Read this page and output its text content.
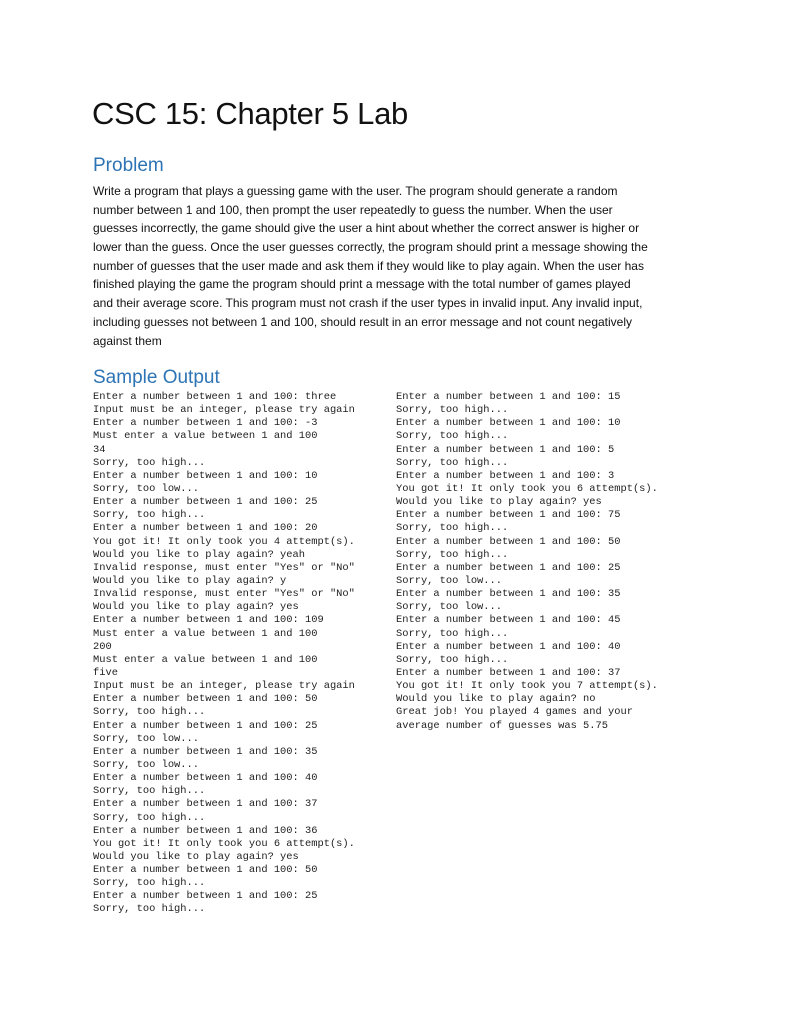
CSC 15: Chapter 5 Lab
Problem
Write a program that plays a guessing game with the user. The program should generate a random
number between 1 and 100, then prompt the user repeatedly to guess the number. When the user
guesses incorrectly, the game should give the user a hint about whether the correct answer is higher or
lower than the guess. Once the user guesses correctly, the program should print a message showing the
number of guesses that the user made and ask them if they would like to play again. When the user has
finished playing the game the program should print a message with the total number of games played
and their average score. This program must not crash if the user types in invalid input. Any invalid input,
including guesses not between 1 and 100, should result in an error message and not count negatively
against them
Sample Output
Enter a number between 1 and 100: three
Input must be an integer, please try again
Enter a number between 1 and 100: -3
Must enter a value between 1 and 100
34
Sorry, too high...
Enter a number between 1 and 100: 10
Sorry, too low...
Enter a number between 1 and 100: 25
Sorry, too high...
Enter a number between 1 and 100: 20
You got it! It only took you 4 attempt(s).
Would you like to play again? yeah
Invalid response, must enter "Yes" or "No"
Would you like to play again? y
Invalid response, must enter "Yes" or "No"
Would you like to play again? yes
Enter a number between 1 and 100: 109
Must enter a value between 1 and 100
200
Must enter a value between 1 and 100
five
Input must be an integer, please try again
Enter a number between 1 and 100: 50
Sorry, too high...
Enter a number between 1 and 100: 25
Sorry, too low...
Enter a number between 1 and 100: 35
Sorry, too low...
Enter a number between 1 and 100: 40
Sorry, too high...
Enter a number between 1 and 100: 37
Sorry, too high...
Enter a number between 1 and 100: 36
You got it! It only took you 6 attempt(s).
Would you like to play again? yes
Enter a number between 1 and 100: 50
Sorry, too high...
Enter a number between 1 and 100: 25
Sorry, too high...
Enter a number between 1 and 100: 15
Sorry, too high...
Enter a number between 1 and 100: 10
Sorry, too high...
Enter a number between 1 and 100: 5
Sorry, too high...
Enter a number between 1 and 100: 3
You got it! It only took you 6 attempt(s).
Would you like to play again? yes
Enter a number between 1 and 100: 75
Sorry, too high...
Enter a number between 1 and 100: 50
Sorry, too high...
Enter a number between 1 and 100: 25
Sorry, too low...
Enter a number between 1 and 100: 35
Sorry, too low...
Enter a number between 1 and 100: 45
Sorry, too high...
Enter a number between 1 and 100: 40
Sorry, too high...
Enter a number between 1 and 100: 37
You got it! It only took you 7 attempt(s).
Would you like to play again? no
Great job! You played 4 games and your
average number of guesses was 5.75
